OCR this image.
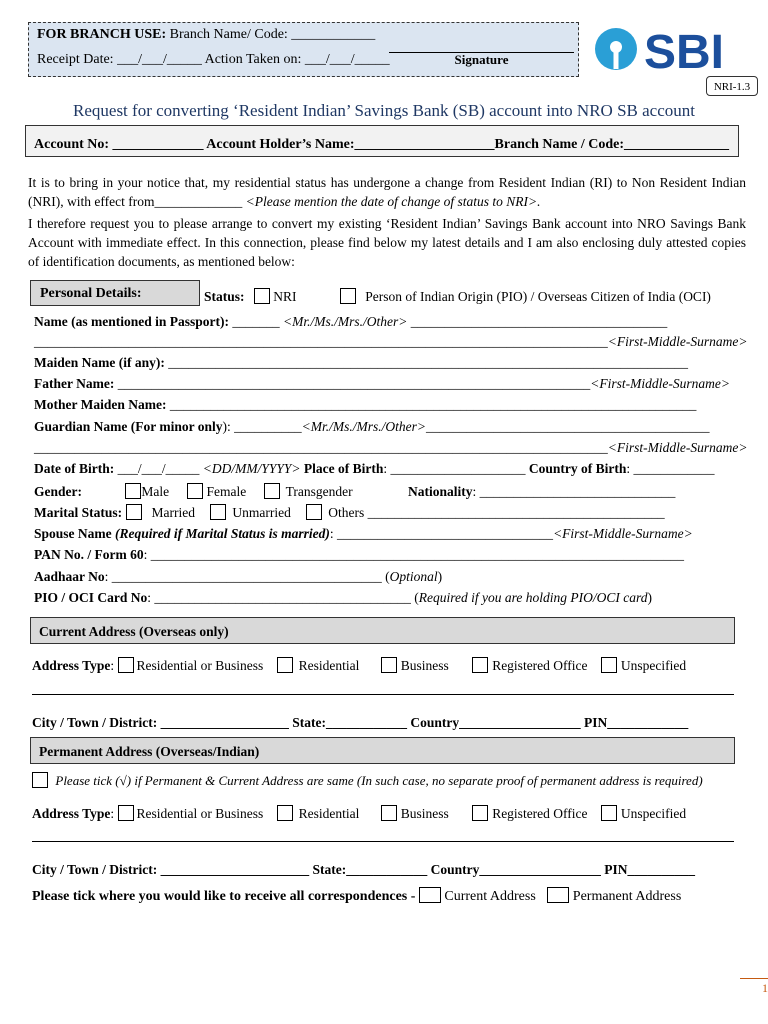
FOR BRANCH USE: Branch Name/ Code: ____________
Receipt Date: ___/___/_____ Action Taken on: ___/___/_____	Signature	SBI
NRI-1.3
Request for converting ‘Resident Indian’ Savings Bank (SB) account into NRO SB account
Account No: _____________ Account Holder’s Name:____________________Branch Name / Code:_______________
It is to bring in your notice that, my residential status has undergone a change from Resident Indian (RI) to Non Resident Indian (NRI), with effect from_____________ <Please mention the date of change of status to NRI>.
I therefore request you to please arrange to convert my existing ‘Resident Indian’ Savings Bank account into NRO Savings Bank Account with immediate effect. In this connection, please find below my latest details and I am also enclosing duly attested copies of identification documents, as mentioned below:
Personal Details:	Status: NRI	Person of Indian Origin (PIO) / Overseas Citizen of India (OCI)
Name (as mentioned in Passport): _______ <Mr./Ms./Mrs./Other> ______________________________________
_____________________________________________________________________________________<First-Middle-Surname>
Maiden Name (if any): _____________________________________________________________________________
Father Name: ______________________________________________________________________<First-Middle-Surname>
Mother Maiden Name: ______________________________________________________________________________
Guardian Name (For minor only): __________<Mr./Ms./Mrs./Other>__________________________________________
_____________________________________________________________________________________<First-Middle-Surname>
Date of Birth: ___/___/_____ <DD/MM/YYYY> Place of Birth: ____________________ Country of Birth: ____________
Gender:	Male	Female	Transgender	Nationality: _____________________________
Marital Status: Married	Unmarried	Others ____________________________________________
Spouse Name (Required if Marital Status is married): ________________________________<First-Middle-Surname>
PAN No. / Form 60: _______________________________________________________________________________
Aadhaar No: ________________________________________ (Optional)
PIO / OCI Card No: ______________________________________ (Required if you are holding PIO/OCI card)
Current Address (Overseas only)
Address Type: Residential or Business	Residential	Business	Registered Office Unspecified
City / Town / District: ___________________ State:____________ Country__________________ PIN____________
Permanent Address (Overseas/Indian)
Please tick (√) if Permanent & Current Address are same (In such case, no separate proof of permanent address is required)
Address Type: Residential or Business	Residential	Business	Registered Office Unspecified
City / Town / District: ______________________ State:____________ Country__________________ PIN__________
Please tick where you would like to receive all correspondences - Current Address	Permanent Address
1
